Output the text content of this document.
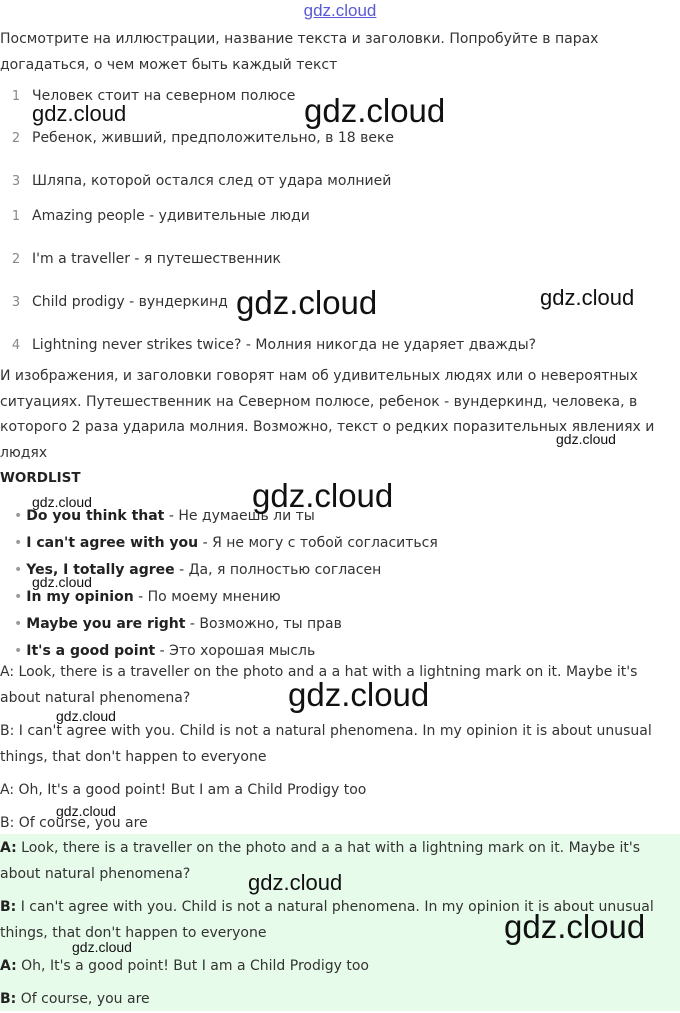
gdz.cloud
Посмотрите на иллюстрации, название текста и заголовки. Попробуйте в парах догадаться, о чем может быть каждый текст
1 Человек стоит на северном полюсе
2 Ребенок, живший, предположительно, в 18 веке
3 Шляпа, которой остался след от удара молнией
1 Amazing people - удивительные люди
2 I'm a traveller - я путешественник
3 Child prodigy - вундеркинд
4 Lightning never strikes twice? - Молния никогда не ударяет дважды?
И изображения, и заголовки говорят нам об удивительных людях или о невероятных ситуациях. Путешественник на Северном полюсе, ребенок - вундеркинд, человека, в которого 2 раза ударила молния. Возможно, текст о редких поразительных явлениях и людях
WORDLIST
• Do you think that - Не думаешь ли ты
• I can't agree with you - Я не могу с тобой согласиться
• Yes, I totally agree - Да, я полностью согласен
• In my opinion - По моему мнению
• Maybe you are right - Возможно, ты прав
• It's a good point - Это хорошая мысль
A: Look, there is a traveller on the photo and a a hat with a lightning mark on it. Maybe it's about natural phenomena?
B: I can't agree with you. Child is not a natural phenomena. In my opinion it is about unusual things, that don't happen to everyone
A: Oh, It's a good point! But I am a Child Prodigy too
B: Of course, you are
A: Look, there is a traveller on the photo and a a hat with a lightning mark on it. Maybe it's about natural phenomena?
B: I can't agree with you. Child is not a natural phenomena. In my opinion it is about unusual things, that don't happen to everyone
A: Oh, It's a good point! But I am a Child Prodigy too
B: Of course, you are
gdz.cloud
gdz.cloud
gdz.cloud	gdz.cloud
gdz.cloud
gdz.cloud
gdz.cloud
gdz.cloud
gdz.cloud
gdz.cloud
gdz.cloud
gdz.cloud
gdz.cloud
gdz.cloud
